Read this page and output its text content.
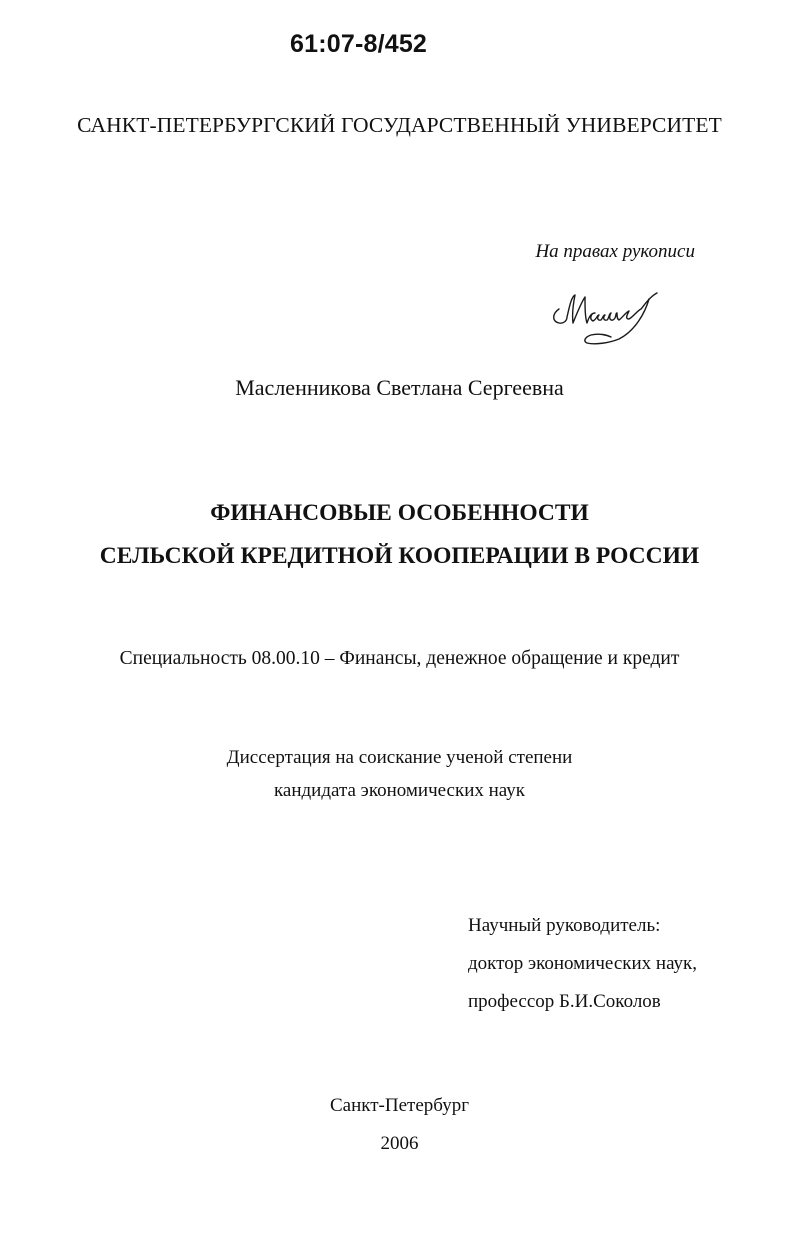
61:07-8/452
САНКТ-ПЕТЕРБУРГСКИЙ ГОСУДАРСТВЕННЫЙ УНИВЕРСИТЕТ
На правах рукописи
Масленникова Светлана Сергеевна
ФИНАНСОВЫЕ ОСОБЕННОСТИ
СЕЛЬСКОЙ КРЕДИТНОЙ КООПЕРАЦИИ В РОССИИ
Специальность 08.00.10 – Финансы, денежное обращение и кредит
Диссертация на соискание ученой степени
кандидата экономических наук
Научный руководитель:
доктор экономических наук,
профессор Б.И.Соколов
Санкт-Петербург
2006
